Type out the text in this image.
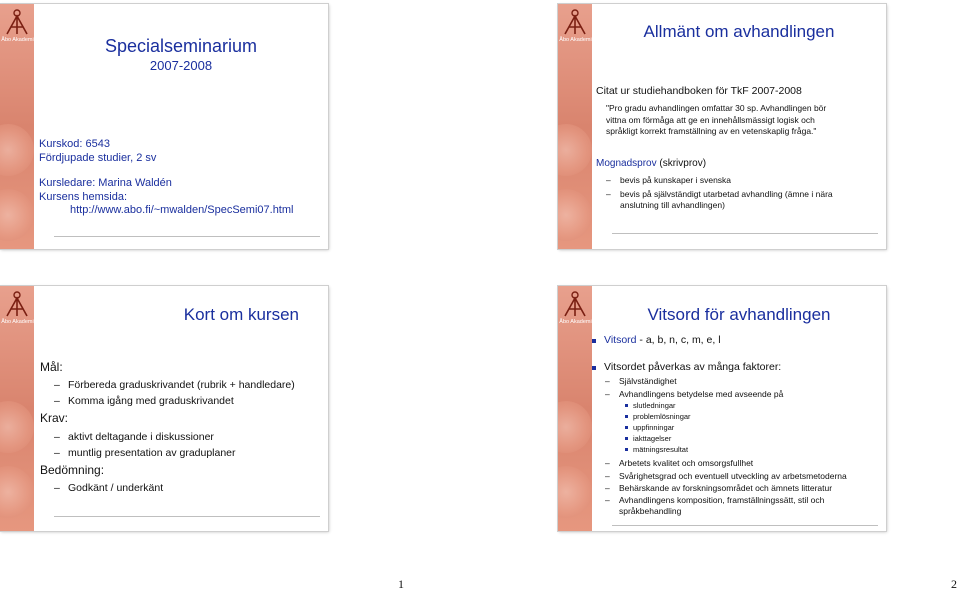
Åbo Akademi	Specialseminarium
2007-2008
Kurskod: 6543
Fördjupade studier, 2 sv
Kursledare: Marina Waldén
Kursens hemsida:
http://www.abo.fi/~mwalden/SpecSemi07.html
Åbo Akademi	Allmänt om avhandlingen
Citat ur studiehandboken för TkF 2007-2008
"Pro gradu avhandlingen omfattar 30 sp. Avhandlingen bör
vittna om förmåga att ge en innehållsmässigt logisk och
språkligt korrekt framställning av en vetenskaplig fråga."
Mognadsprov (skrivprov)
– bevis på kunskaper i svenska
– bevis på självständigt utarbetad avhandling (ämne i nära
anslutning till avhandlingen)
Åbo Akademi	Kort om kursen
Mål:
– Förbereda graduskrivandet (rubrik + handledare)
– Komma igång med graduskrivandet
Krav:
– aktivt deltagande i diskussioner
– muntlig presentation av graduplaner
Bedömning:
– Godkänt / underkänt
Åbo Akademi	Vitsord för avhandlingen
Vitsord - a, b, n, c, m, e, l
Vitsordet påverkas av många faktorer:
– Självständighet
– Avhandlingens betydelse med avseende på
slutledningar
problemlösningar
uppfinningar
iakttagelser
mätningsresultat
– Arbetets kvalitet och omsorgsfullhet
– Svårighetsgrad och eventuell utveckling av arbetsmetoderna
– Behärskande av forskningsområdet och ämnets litteratur
– Avhandlingens komposition, framställningssätt, stil och
språkbehandling
1	2
